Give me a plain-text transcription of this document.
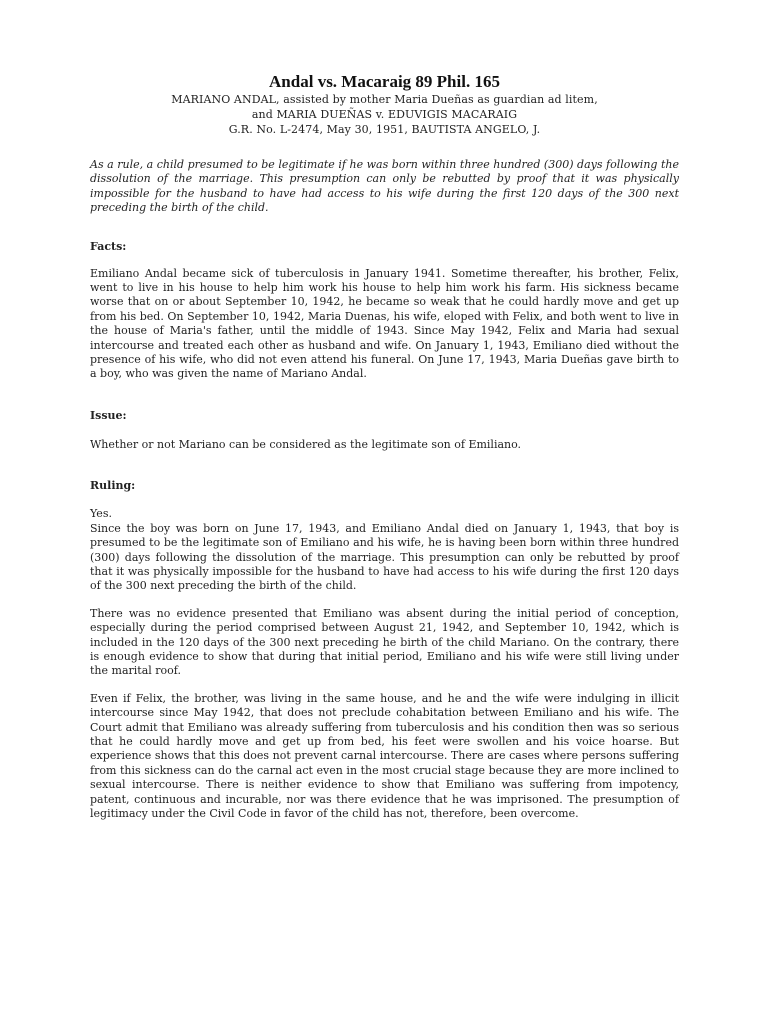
Andal vs. Macaraig 89 Phil. 165

MARIANO ANDAL, assisted by mother Maria Dueñas as guardian ad litem,

and MARIA DUEÑAS v. EDUVIGIS MACARAIG

G.R. No. L-2474, May 30, 1951, BAUTISTA ANGELO, J.

As a rule, a child presumed to be legitimate if he was born within three hundred (300) days following the dissolution of the marriage. This presumption can only be rebutted by proof that it was physically impossible for the husband to have had access to his wife during the first 120 days of the 300 next preceding the birth of the child.

Facts:

Emiliano Andal became sick of tuberculosis in January 1941. Sometime thereafter, his brother, Felix, went to live in his house to help him work his house to help him work his farm. His sickness became worse that on or about September 10, 1942, he became so weak that he could hardly move and get up from his bed. On September 10, 1942, Maria Duenas, his wife, eloped with Felix, and both went to live in the house of Maria's father, until the middle of 1943. Since May 1942, Felix and Maria had sexual intercourse and treated each other as husband and wife. On January 1, 1943, Emiliano died without the presence of his wife, who did not even attend his funeral. On June 17, 1943, Maria Dueñas gave birth to a boy, who was given the name of Mariano Andal.

Issue:

Whether or not Mariano can be considered as the legitimate son of Emiliano.

Ruling:

Yes.

Since the boy was born on June 17, 1943, and Emiliano Andal died on January 1, 1943, that boy is presumed to be the legitimate son of Emiliano and his wife, he is having been born within three hundred (300) days following the dissolution of the marriage. This presumption can only be rebutted by proof that it was physically impossible for the husband to have had access to his wife during the first 120 days of the 300 next preceding the birth of the child.

There was no evidence presented that Emiliano was absent during the initial period of conception, especially during the period comprised between August 21, 1942, and September 10, 1942, which is included in the 120 days of the 300 next preceding he birth of the child Mariano. On the contrary, there is enough evidence to show that during that initial period, Emiliano and his wife were still living under the marital roof.

Even if Felix, the brother, was living in the same house, and he and the wife were indulging in illicit intercourse since May 1942, that does not preclude cohabitation between Emiliano and his wife. The Court admit that Emiliano was already suffering from tuberculosis and his condition then was so serious that he could hardly move and get up from bed, his feet were swollen and his voice hoarse. But experience shows that this does not prevent carnal intercourse. There are cases where persons suffering from this sickness can do the carnal act even in the most crucial stage because they are more inclined to sexual intercourse. There is neither evidence to show that Emiliano was suffering from impotency, patent, continuous and incurable, nor was there evidence that he was imprisoned. The presumption of legitimacy under the Civil Code in favor of the child has not, therefore, been overcome.
